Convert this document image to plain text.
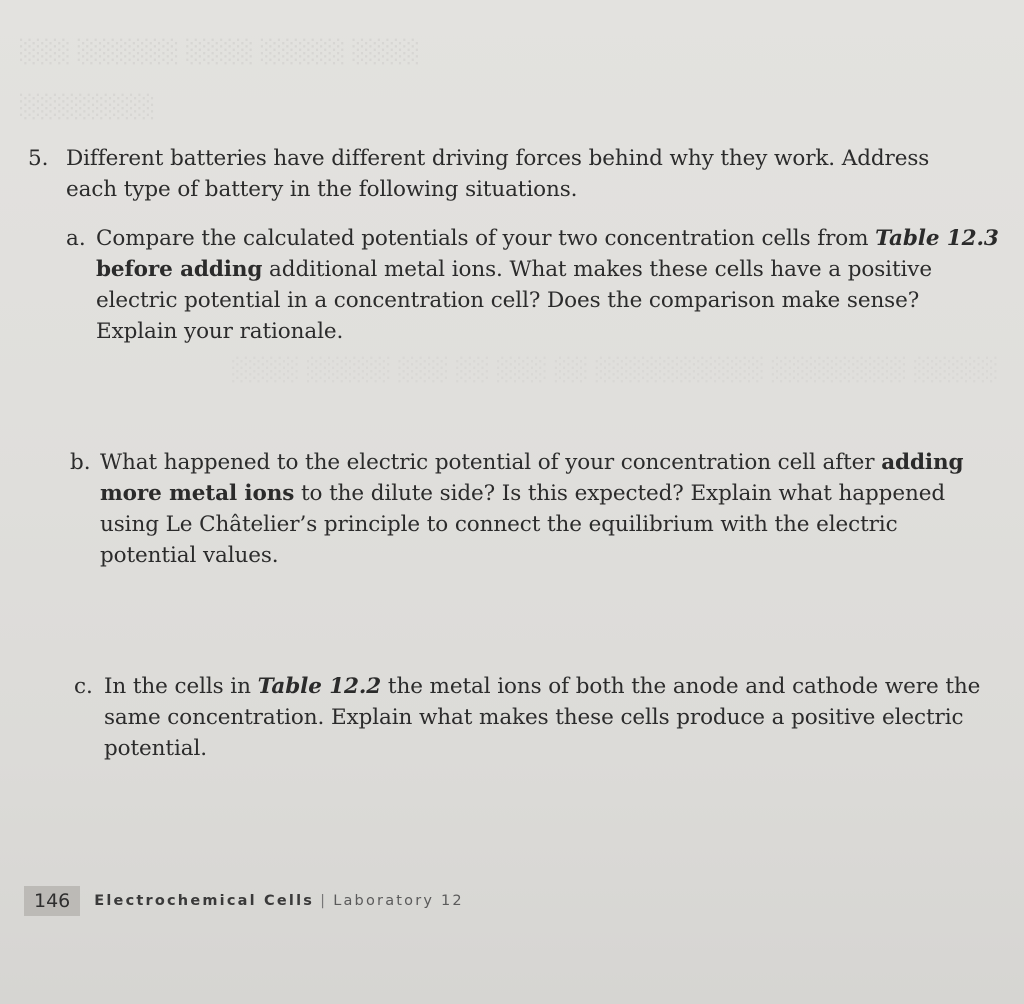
░░░ ░░░░░░ ░░░░ ░░░░░ ░░░░
░░░░░░░░
░░░░░ ░░░░░░░░ ░░░░░░░░░░ ░░ ░░░ ░░ ░░░ ░░░░░ ░░░░
5. Different batteries have different driving forces behind why they work. Address each type of battery in the following situations.
a. Compare the calculated potentials of your two concentration cells from Table 12.3 before adding additional metal ions. What makes these cells have a positive electric potential in a concentration cell? Does the comparison make sense? Explain your rationale.
b. What happened to the electric potential of your concentration cell after adding more metal ions to the dilute side? Is this expected? Explain what happened using Le Châtelier’s principle to connect the equilibrium with the electric potential values.
c. In the cells in Table 12.2 the metal ions of both the anode and cathode were the same concentration. Explain what makes these cells produce a positive electric potential.
146	Electrochemical Cells | Laboratory 12
